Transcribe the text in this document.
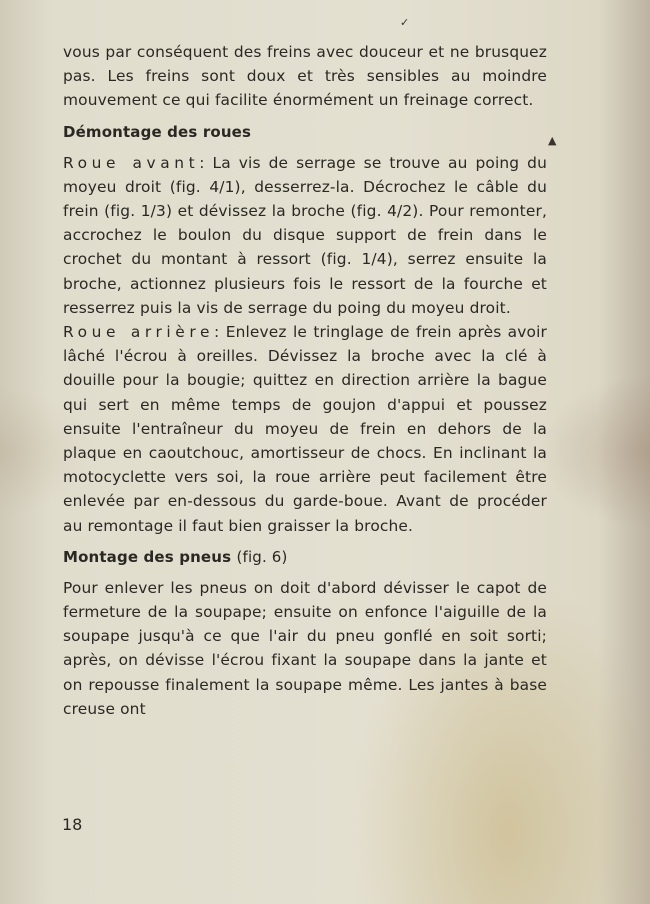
✓
▲

vous par conséquent des freins avec douceur et ne brusquez pas. Les freins sont doux et très sensibles au moindre mouvement ce qui facilite énormément un freinage correct.

Démontage des roues

Roue avant: La vis de serrage se trouve au poing du moyeu droit (fig. 4/1), desserrez-la. Décrochez le câble du frein (fig. 1/3) et dévissez la broche (fig. 4/2). Pour remonter, accrochez le boulon du disque support de frein dans le crochet du montant à ressort (fig. 1/4), serrez ensuite la broche, actionnez plusieurs fois le ressort de la fourche et resserrez puis la vis de serrage du poing du moyeu droit.

Roue arrière: Enlevez le tringlage de frein après avoir lâché l'écrou à oreilles. Dévissez la broche avec la clé à douille pour la bougie; quittez en direction arrière la bague qui sert en même temps de goujon d'appui et poussez ensuite l'entraîneur du moyeu de frein en dehors de la plaque en caoutchouc, amortisseur de chocs. En inclinant la motocyclette vers soi, la roue arrière peut facilement être enlevée par en-dessous du garde-boue. Avant de procéder au remontage il faut bien graisser la broche.

Montage des pneus (fig. 6)

Pour enlever les pneus on doit d'abord dévisser le capot de fermeture de la soupape; ensuite on enfonce l'aiguille de la soupape jusqu'à ce que l'air du pneu gonflé en soit sorti; après, on dévisse l'écrou fixant la soupape dans la jante et on repousse finalement la soupape même. Les jantes à base creuse ont

18
